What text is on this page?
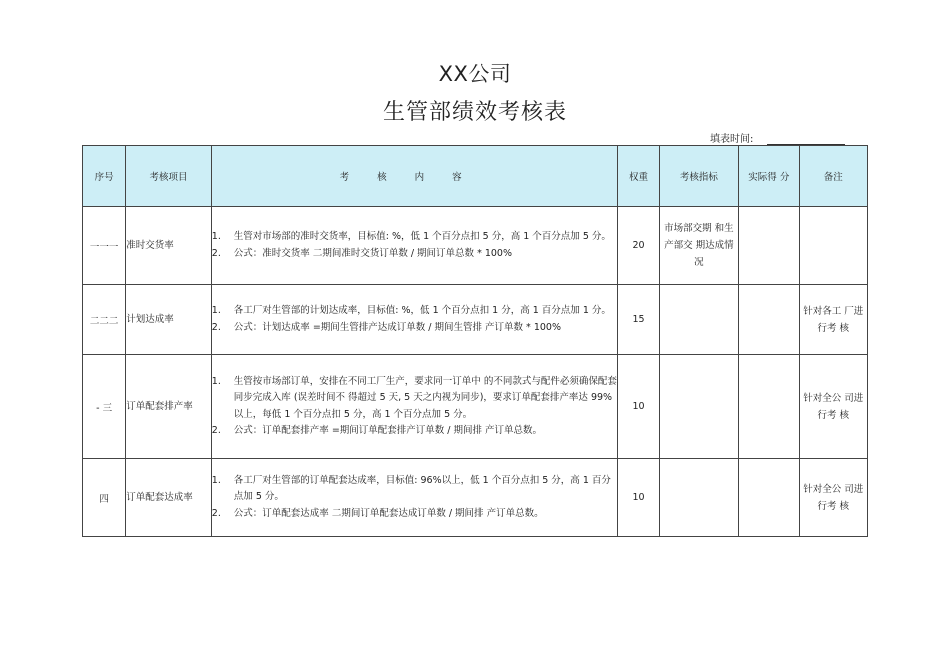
XX公司
生管部绩效考核表
填表时间:
序号	考核项目	考核内容	权重	考核指标	实际得 分	备注
一一一	准时交货率	1. 生管对市场部的准时交货率，目标值: %，低 1 个百分点扣 5 分，高 1 个百分点加 5 分。
2. 公式：准时交货率 二期间准时交货订单数 / 期间订单总数 * 100%	20	市场部交期 和生产部交 期达成情况		
二二二	计划达成率	1. 各工厂对生管部的计划达成率，目标值: %，低 1 个百分点扣 1 分，高 1 百分点加 1 分。
2. 公式：计划达成率 =期间生管排产达成订单数 / 期间生管排 产订单数 * 100%	15			针对各工 厂进行考 核
- 三	订单配套排产率	1. 生管按市场部订单，安排在不同工厂生产，要求同一订单中 的不同款式与配件必须确保配套同步完成入库 (误差时间不 得超过 5 天, 5 天之内视为同步)，要求订单配套排产率达 99%以上，每低 1 个百分点扣 5 分，高 1 个百分点加 5 分。
2. 公式：订单配套排产率 =期间订单配套排产订单数 / 期间排 产订单总数。	10			针对全公 司进行考 核
四	订单配套达成率	1. 各工厂对生管部的订单配套达成率，目标值: 96%以上，低 1 个百分点扣 5 分，高 1 百分点加 5 分。
2. 公式：订单配套达成率 二期间订单配套达成订单数 / 期间排 产订单总数。	10			针对全公 司进行考 核
